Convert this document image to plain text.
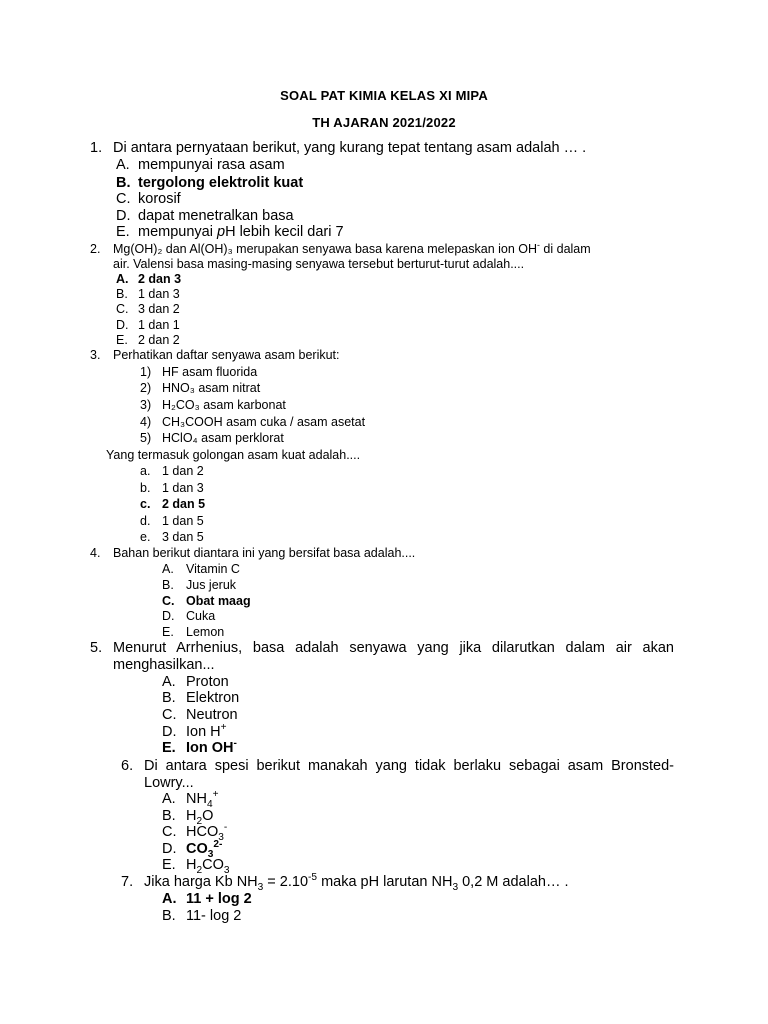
SOAL PAT KIMIA KELAS XI MIPA
TH AJARAN 2021/2022
1. Di antara pernyataan berikut, yang kurang tepat tentang asam adalah … .
A. mempunyai rasa asam
B. tergolong elektrolit kuat
C. korosif
D. dapat menetralkan basa
E. mempunyai pH lebih kecil dari 7
2. Mg(OH)₂ dan Al(OH)₃ merupakan senyawa basa karena melepaskan ion OH- di dalam
air. Valensi basa masing-masing senyawa tersebut berturut-turut adalah....
A. 2 dan 3
B. 1 dan 3
C. 3 dan 2
D. 1 dan 1
E. 2 dan 2
3. Perhatikan daftar senyawa asam berikut:
1) HF asam fluorida
2) HNO₃ asam nitrat
3) H₂CO₃ asam karbonat
4) CH₃COOH asam cuka / asam asetat
5) HClO₄ asam perklorat
Yang termasuk golongan asam kuat adalah....
a. 1 dan 2
b. 1 dan 3
c. 2 dan 5
d. 1 dan 5
e. 3 dan 5
4. Bahan berikut diantara ini yang bersifat basa adalah....
A. Vitamin C
B. Jus jeruk
C. Obat maag
D. Cuka
E. Lemon
5. Menurut Arrhenius, basa adalah senyawa yang jika dilarutkan dalam air akan
menghasilkan...
A. Proton
B. Elektron
C. Neutron
D. Ion H+
E. Ion OH-
6. Di antara spesi berikut manakah yang tidak berlaku sebagai asam Bronsted-
Lowry...
A. $NH_4^+$
B. $H_2O$
C. $HCO_3^-$
D. $CO_3^{2-}$
E. $H_2CO_3$
7. Jika harga Kb $NH_3 = 2.10^{-5}$ maka pH larutan $NH_3$ 0,2 M adalah… .
A. 11 + log 2
B. 11- log 2
